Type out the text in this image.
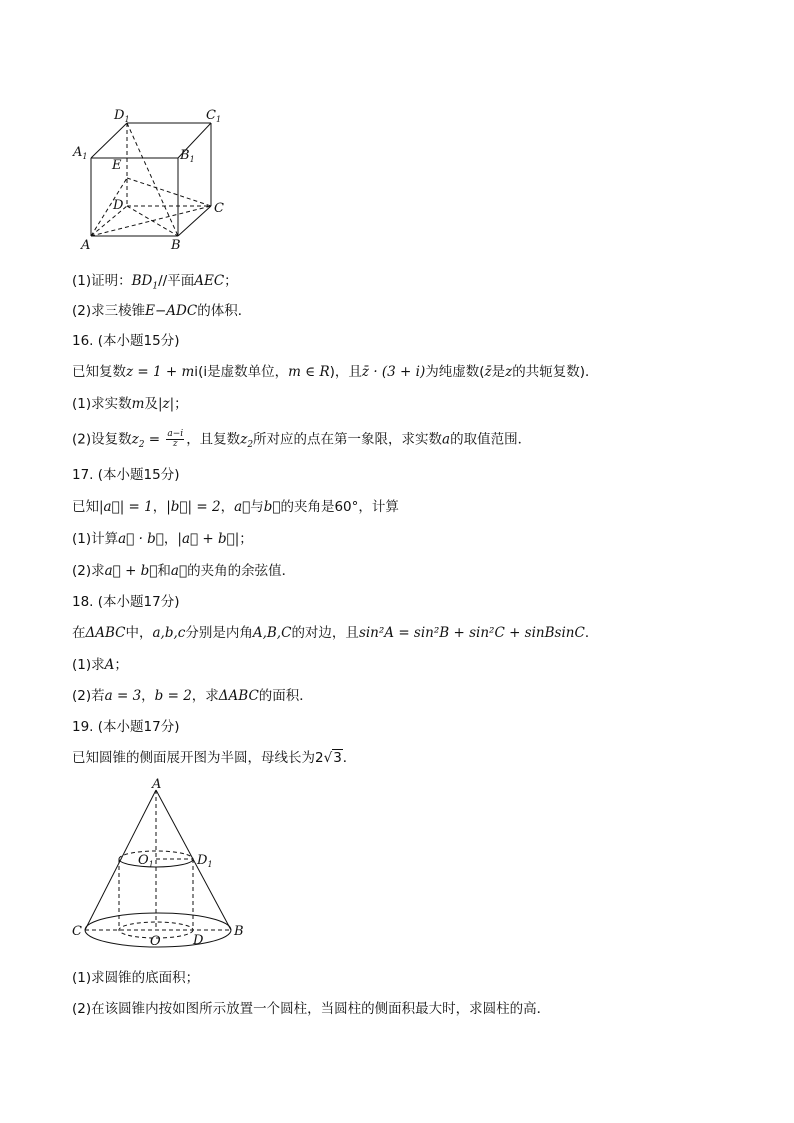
$D_1$	$C_1$
$A_1$	$B_1$
E
D	C
A	B
(1)证明：$BD_1//$平面AEC；
(2)求三棱锥E−ADC的体积．
16. (本小题15分)
已知复数z = 1 + mi(i是虚数单位，m ∈ R)，且z̄ · (3 + i)为纯虚数(z̄是z的共轭复数)．
(1)求实数m及|z|；
(2)设复数$z_2 = \frac{a-i}{z}$ ，且复数$z_2$所对应的点在第一象限，求实数a的取值范围．
17. (本小题15分)
已知|a⃗| = 1，|b⃗| = 2，a⃗与b⃗的夹角是60°，计算
(1)计算a⃗ · b⃗，|a⃗ + b⃗|；
(2)求a⃗ + b⃗和a⃗的夹角的余弦值．
18. (本小题17分)
在ΔABC中，a,b,c分别是内角A,B,C的对边，且sin²A = sin²B + sin²C + sinBsinC．
(1)求A；
(2)若a = 3，b = 2，求ΔABC的面积．
19. (本小题17分)
已知圆锥的侧面展开图为半圆，母线长为2√3．
A
$O_1$	$D_1$
C
O D
B
(1)求圆锥的底面积；
(2)在该圆锥内按如图所示放置一个圆柱，当圆柱的侧面积最大时，求圆柱的高．
